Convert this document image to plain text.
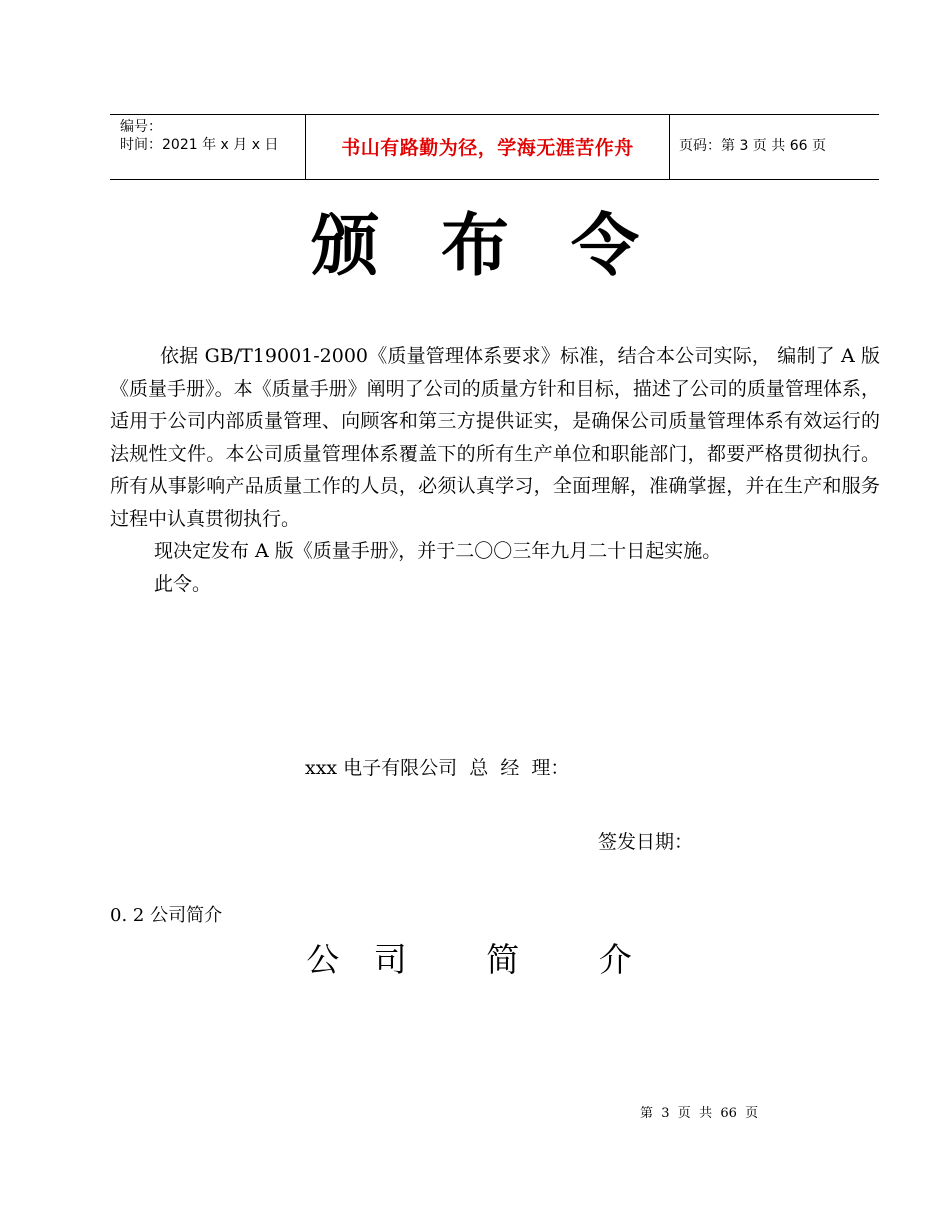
编号：
时间：2021 年 x 月 x 日	书山有路勤为径，学海无涯苦作舟	页码：第 3 页 共 66 页
颁布令

依据 GB/T19001-2000《质量管理体系要求》标准，结合本公司实际， 编制了 A 版《质量手册》。本《质量手册》阐明了公司的质量方针和目标，描述了公司的质量管理体系，适用于公司内部质量管理、向顾客和第三方提供证实，是确保公司质量管理体系有效运行的法规性文件。本公司质量管理体系覆盖下的所有生产单位和职能部门，都要严格贯彻执行。所有从事影响产品质量工作的人员，必须认真学习，全面理解，准确掌握，并在生产和服务过程中认真贯彻执行。

现决定发布 A 版《质量手册》，并于二〇〇三年九月二十日起实施。

此令。

xxx 电子有限公司  总  经  理：
签发日期：
0. 2 公司简介
公 司   简   介
第  3  页  共  66  页
